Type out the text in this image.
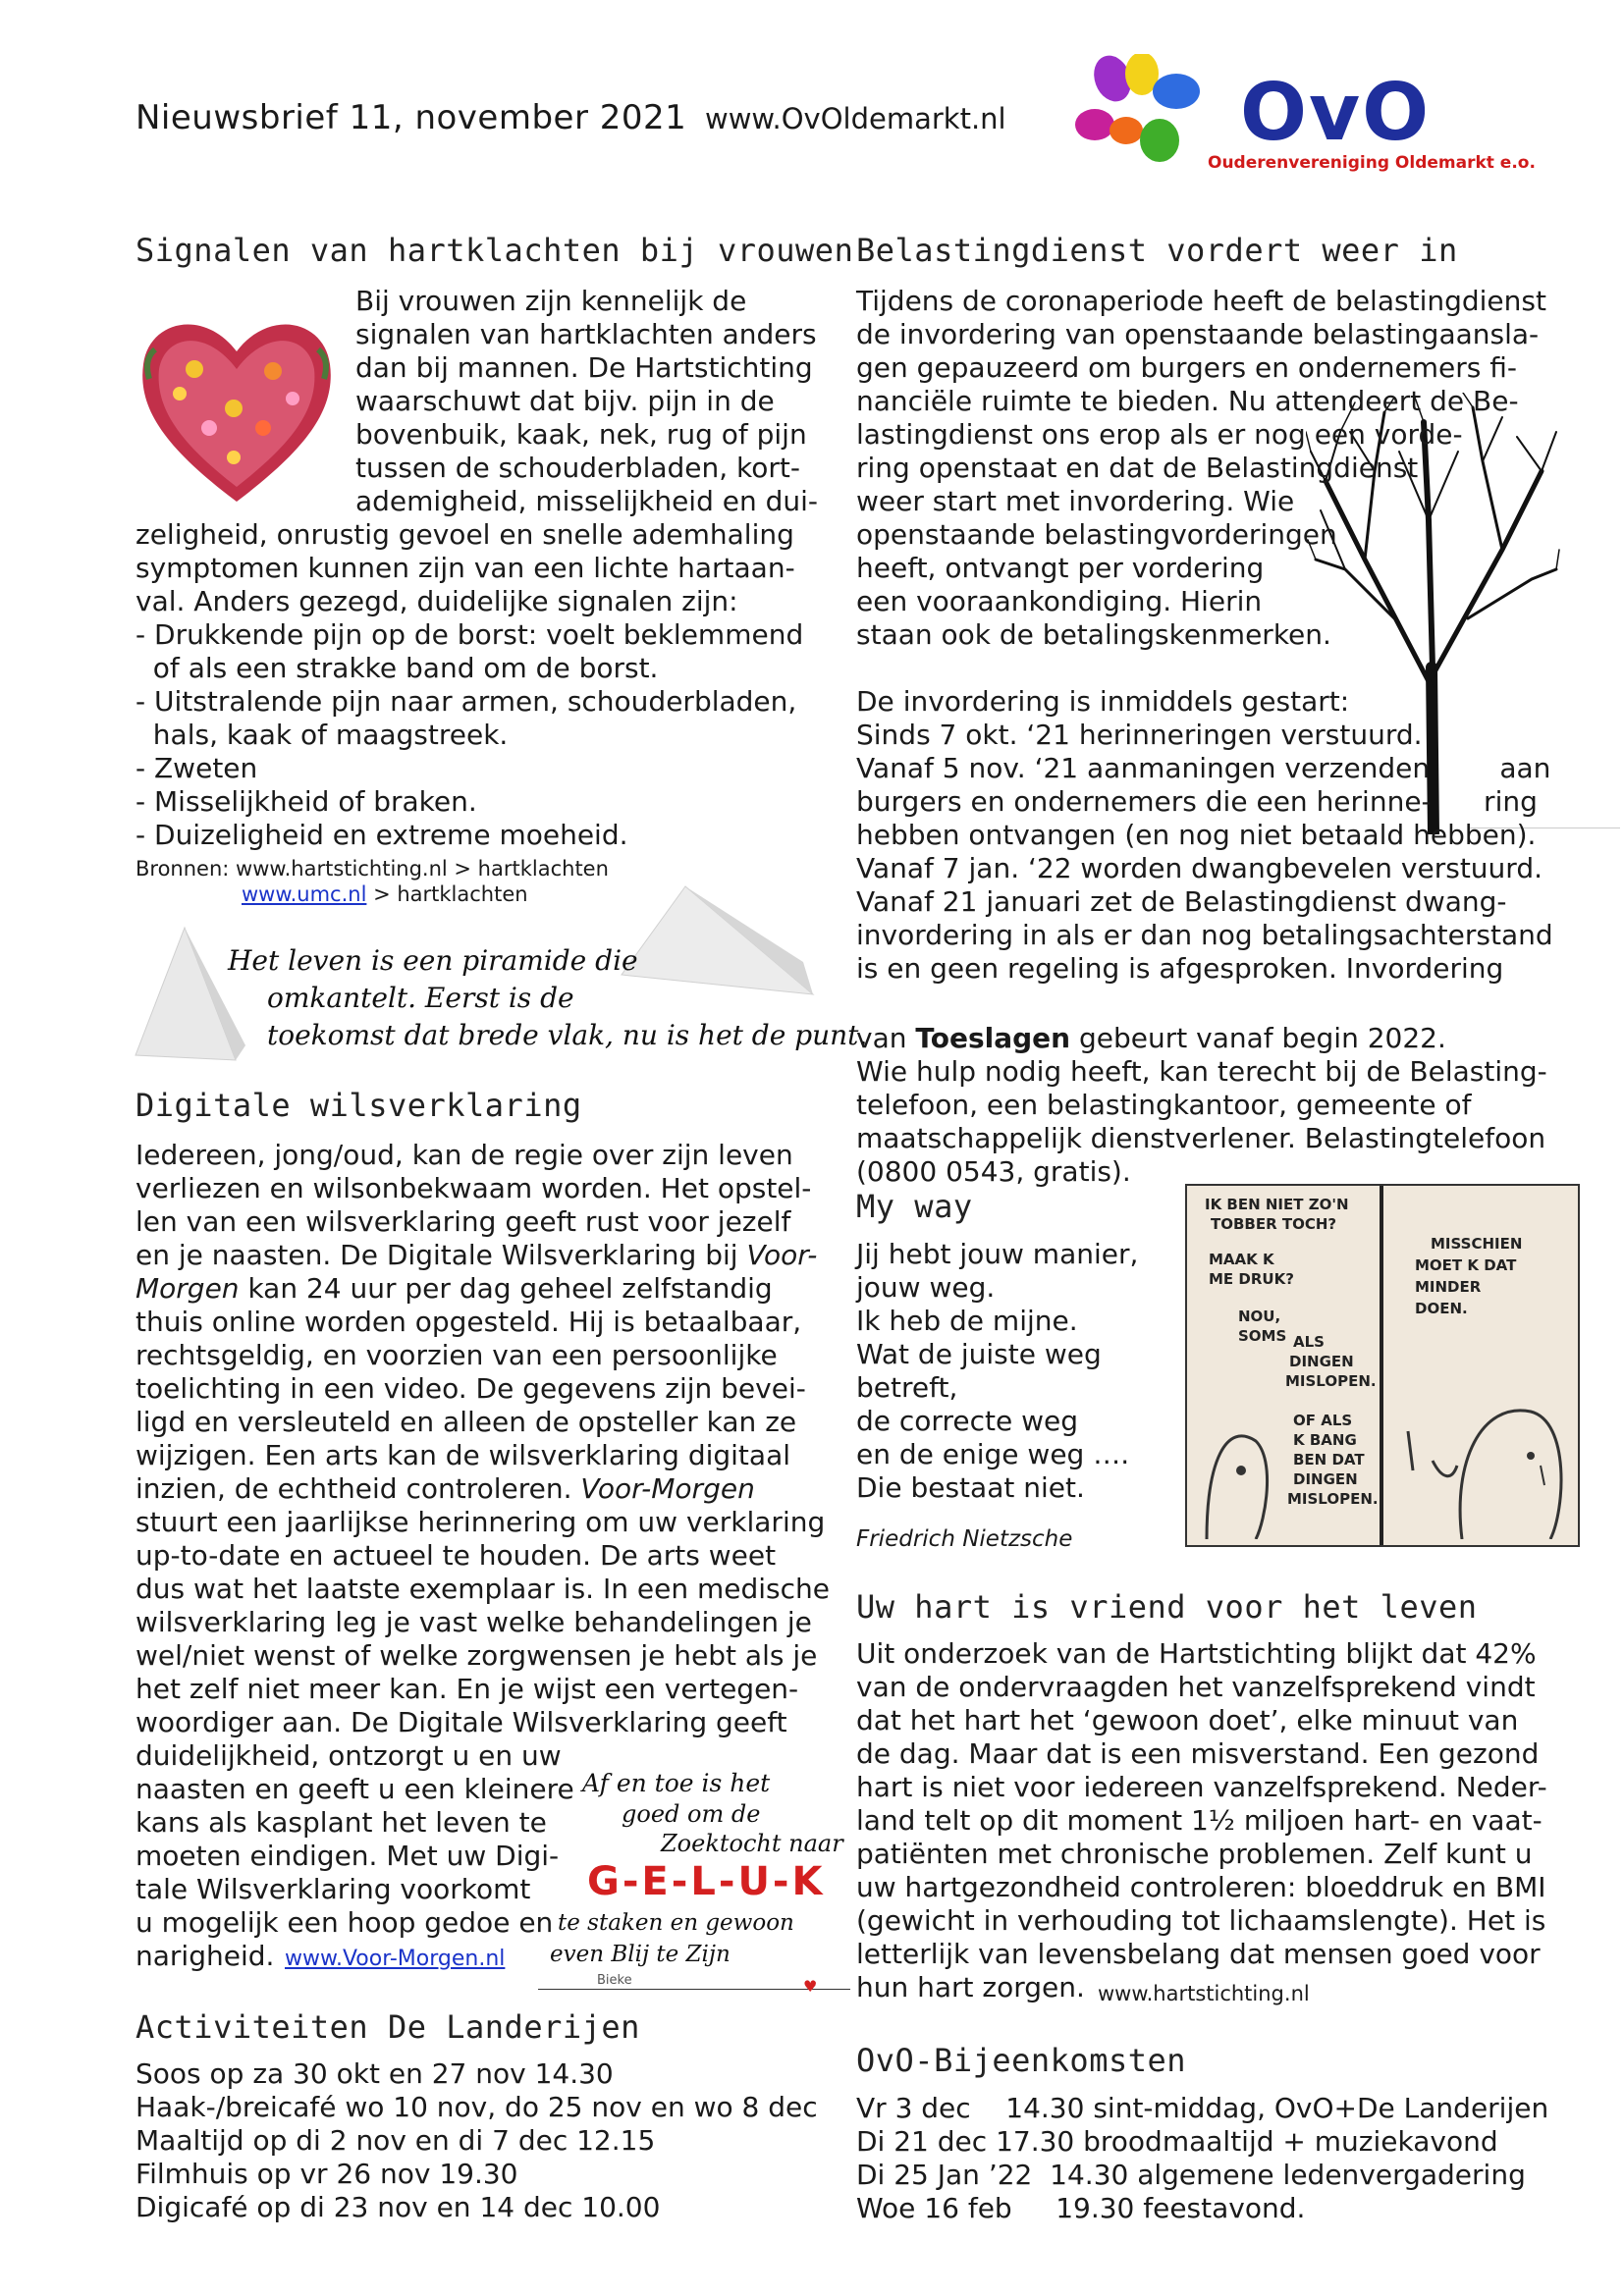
Nieuwsbrief 11, november 2021 www.OvOldemarkt.nl	OvO
Ouderenvereniging Oldemarkt e.o.
Signalen van hartklachten bij vrouwen
Bij vrouwen zijn kennelijk de
signalen van hartklachten anders
dan bij mannen. De Hartstichting
waarschuwt dat bijv. pijn in de
bovenbuik, kaak, nek, rug of pijn
tussen de schouderbladen, kort-
ademigheid, misselijkheid en dui-
zeligheid, onrustig gevoel en snelle ademhaling
symptomen kunnen zijn van een lichte hartaan-
val. Anders gezegd, duidelijke signalen zijn:
- Drukkende pijn op de borst: voelt beklemmend
of als een strakke band om de borst.
- Uitstralende pijn naar armen, schouderbladen,
hals, kaak of maagstreek.
- Zweten
- Misselijkheid of braken.
- Duizeligheid en extreme moeheid.
Bronnen: www.hartstichting.nl > hartklachten
www.umc.nl > hartklachten
Het leven is een piramide die
omkantelt. Eerst is de
toekomst dat brede vlak, nu is het de punt.
Digitale wilsverklaring
Iedereen, jong/oud, kan de regie over zijn leven
verliezen en wilsonbekwaam worden. Het opstel-
len van een wilsverklaring geeft rust voor jezelf
en je naasten. De Digitale Wilsverklaring bij Voor-
Morgen kan 24 uur per dag geheel zelfstandig
thuis online worden opgesteld. Hij is betaalbaar,
rechtsgeldig, en voorzien van een persoonlijke
toelichting in een video. De gegevens zijn bevei-
ligd en versleuteld en alleen de opsteller kan ze
wijzigen. Een arts kan de wilsverklaring digitaal
inzien, de echtheid controleren. Voor-Morgen
stuurt een jaarlijkse herinnering om uw verklaring
up-to-date en actueel te houden. De arts weet
dus wat het laatste exemplaar is. In een medische
wilsverklaring leg je vast welke behandelingen je
wel/niet wenst of welke zorgwensen je hebt als je
het zelf niet meer kan. En je wijst een vertegen-
woordiger aan. De Digitale Wilsverklaring geeft
duidelijkheid, ontzorgt u en uw
naasten en geeft u een kleinere
kans als kasplant het leven te
moeten eindigen. Met uw Digi-
tale Wilsverklaring voorkomt
u mogelijk een hoop gedoe en
narigheid. www.Voor-Morgen.nl
Af en toe is het
goed om de
Zoektocht naar
G-E-L-U-K
te staken en gewoon
even Blij te Zijn
Bieke	♥
Activiteiten De Landerijen
Soos op za 30 okt en 27 nov 14.30
Haak-/breicafé wo 10 nov, do 25 nov en wo 8 dec
Maaltijd op di 2 nov en di 7 dec 12.15
Filmhuis op vr 26 nov 19.30
Digicafé op di 23 nov en 14 dec 10.00
Belastingdienst vordert weer in
Tijdens de coronaperiode heeft de belastingdienst
de invordering van openstaande belastingaansla-
gen gepauzeerd om burgers en ondernemers fi-
nanciële ruimte te bieden. Nu attendeert de Be-
lastingdienst ons erop als er nog een vorde-
ring openstaat en dat de Belastingdienst
weer start met invordering. Wie
openstaande belastingvorderingen
heeft, ontvangt per vordering
een vooraankondiging. Hierin
staan ook de betalingskenmerken.
De invordering is inmiddels gestart:
Sinds 7 okt. ‘21 herinneringen verstuurd.
Vanaf 5 nov. ‘21 aanmaningen verzenden        aan
burgers en ondernemers die een herinne-      ring
hebben ontvangen (en nog niet betaald hebben).
Vanaf 7 jan. ‘22 worden dwangbevelen verstuurd.
Vanaf 21 januari zet de Belastingdienst dwang-
invordering in als er dan nog betalingsachterstand
is en geen regeling is afgesproken. Invordering
van Toeslagen gebeurt vanaf begin 2022.
Wie hulp nodig heeft, kan terecht bij de Belasting-
telefoon, een belastingkantoor, gemeente of
maatschappelijk dienstverlener. Belastingtelefoon
(0800 0543, gratis).
My way
Jij hebt jouw manier,
jouw weg.
Ik heb de mijne.
Wat de juiste weg
betreft,
de correcte weg
en de enige weg ….
Die bestaat niet.
Friedrich Nietzsche
IK BEN NIET ZO'N
TOBBER TOCH?
MAAK K
ME DRUK?
NOU,
SOMS ALS
DINGEN
MISLOPEN.
OF ALS
K BANG
BEN DAT
DINGEN
MISLOPEN.
MISSCHIEN
MOET K DAT
MINDER
DOEN.
Uw hart is vriend voor het leven
Uit onderzoek van de Hartstichting blijkt dat 42%
van de ondervraagden het vanzelfsprekend vindt
dat het hart het ‘gewoon doet’, elke minuut van
de dag. Maar dat is een misverstand. Een gezond
hart is niet voor iedereen vanzelfsprekend. Neder-
land telt op dit moment 1½ miljoen hart- en vaat-
patiënten met chronische problemen. Zelf kunt u
uw hartgezondheid controleren: bloeddruk en BMI
(gewicht in verhouding tot lichaamslengte). Het is
letterlijk van levensbelang dat mensen goed voor
hun hart zorgen. www.hartstichting.nl
OvO-Bijeenkomsten
Vr 3 dec    14.30 sint-middag, OvO+De Landerijen
Di 21 dec 17.30 broodmaaltijd + muziekavond
Di 25 Jan ’22  14.30 algemene ledenvergadering
Woe 16 feb     19.30 feestavond.
